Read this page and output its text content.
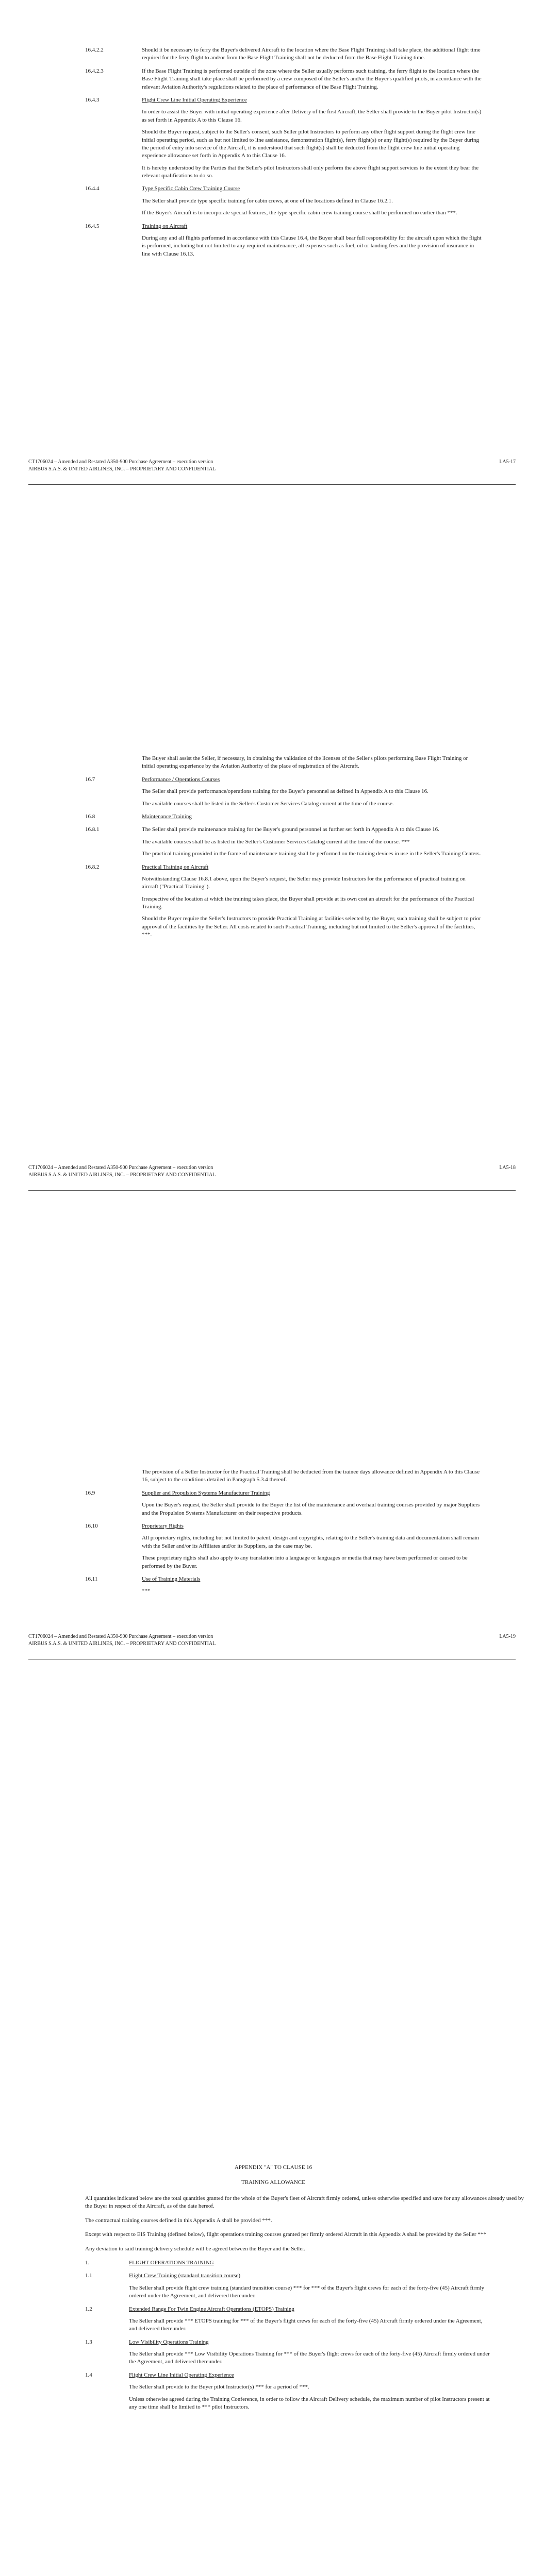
16.4.2.2	Should it be necessary to ferry the Buyer's delivered Aircraft to the location where the Base Flight Training shall take place, the additional flight time required for the ferry flight to and/or from the Base Flight Training shall not be deducted from the Base Flight Training time.

16.4.2.3	If the Base Flight Training is performed outside of the zone where the Seller usually performs such training, the ferry flight to the location where the Base Flight Training shall take place shall be performed by a crew composed of the Seller's and/or the Buyer's qualified pilots, in accordance with the relevant Aviation Authority's regulations related to the place of performance of the Base Flight Training.

16.4.3	Flight Crew Line Initial Operating Experience

In order to assist the Buyer with initial operating experience after Delivery of the first Aircraft, the Seller shall provide to the Buyer pilot Instructor(s) as set forth in Appendix A to this Clause 16.

Should the Buyer request, subject to the Seller's consent, such Seller pilot Instructors to perform any other flight support during the flight crew line initial operating period, such as but not limited to line assistance, demonstration flight(s), ferry flight(s) or any flight(s) required by the Buyer during the period of entry into service of the Aircraft, it is understood that such flight(s) shall be deducted from the flight crew line initial operating experience allowance set forth in Appendix A to this Clause 16.

It is hereby understood by the Parties that the Seller's pilot Instructors shall only perform the above flight support services to the extent they bear the relevant qualifications to do so.

16.4.4	Type Specific Cabin Crew Training Course

The Seller shall provide type specific training for cabin crews, at one of the locations defined in Clause 16.2.1.

If the Buyer's Aircraft is to incorporate special features, the type specific cabin crew training course shall be performed no earlier than ***.

16.4.5	Training on Aircraft

During any and all flights performed in accordance with this Clause 16.4, the Buyer shall bear full responsibility for the aircraft upon which the flight is performed, including but not limited to any required maintenance, all expenses such as fuel, oil or landing fees and the provision of insurance in line with Clause 16.13.

CT1706024 – Amended and Restated A350-900 Purchase Agreement – execution version
AIRBUS S.A.S. & UNITED AIRLINES, INC. – PROPRIETARY AND CONFIDENTIAL
LA5-17

The Buyer shall assist the Seller, if necessary, in obtaining the validation of the licenses of the Seller's pilots performing Base Flight Training or initial operating experience by the Aviation Authority of the place of registration of the Aircraft.

16.7	Performance / Operations Courses

The Seller shall provide performance/operations training for the Buyer's personnel as defined in Appendix A to this Clause 16.

The available courses shall be listed in the Seller's Customer Services Catalog current at the time of the course.

16.8	Maintenance Training

16.8.1	The Seller shall provide maintenance training for the Buyer's ground personnel as further set forth in Appendix A to this Clause 16.

The available courses shall be as listed in the Seller's Customer Services Catalog current at the time of the course. ***

The practical training provided in the frame of maintenance training shall be performed on the training devices in use in the Seller's Training Centers.

16.8.2	Practical Training on Aircraft

Notwithstanding Clause 16.8.1 above, upon the Buyer's request, the Seller may provide Instructors for the performance of practical training on aircraft ("Practical Training").

Irrespective of the location at which the training takes place, the Buyer shall provide at its own cost an aircraft for the performance of the Practical Training.

Should the Buyer require the Seller's Instructors to provide Practical Training at facilities selected by the Buyer, such training shall be subject to prior approval of the facilities by the Seller. All costs related to such Practical Training, including but not limited to the Seller's approval of the facilities, ***.

CT1706024 – Amended and Restated A350-900 Purchase Agreement – execution version
AIRBUS S.A.S. & UNITED AIRLINES, INC. – PROPRIETARY AND CONFIDENTIAL
LA5-18

The provision of a Seller Instructor for the Practical Training shall be deducted from the trainee days allowance defined in Appendix A to this Clause 16, subject to the conditions detailed in Paragraph 5.3.4 thereof.

16.9	Supplier and Propulsion Systems Manufacturer Training

Upon the Buyer's request, the Seller shall provide to the Buyer the list of the maintenance and overhaul training courses provided by major Suppliers and the Propulsion Systems Manufacturer on their respective products.

16.10	Proprietary Rights

All proprietary rights, including but not limited to patent, design and copyrights, relating to the Seller's training data and documentation shall remain with the Seller and/or its Affiliates and/or its Suppliers, as the case may be.

These proprietary rights shall also apply to any translation into a language or languages or media that may have been performed or caused to be performed by the Buyer.

16.11	Use of Training Materials

***

CT1706024 – Amended and Restated A350-900 Purchase Agreement – execution version
AIRBUS S.A.S. & UNITED AIRLINES, INC. – PROPRIETARY AND CONFIDENTIAL
LA5-19

APPENDIX "A" TO CLAUSE 16

TRAINING ALLOWANCE

All quantities indicated below are the total quantities granted for the whole of the Buyer's fleet of Aircraft firmly ordered, unless otherwise specified and save for any allowances already used by the Buyer in respect of the Aircraft, as of the date hereof.

The contractual training courses defined in this Appendix A shall be provided ***.

Except with respect to EIS Training (defined below), flight operations training courses granted per firmly ordered Aircraft in this Appendix A shall be provided by the Seller ***

Any deviation to said training delivery schedule will be agreed between the Buyer and the Seller.

1.	FLIGHT OPERATIONS TRAINING

1.1	Flight Crew Training (standard transition course)

The Seller shall provide flight crew training (standard transition course) *** for *** of the Buyer's flight crews for each of the forty-five (45) Aircraft firmly ordered under the Agreement, and delivered thereunder.

1.2	Extended Range For Twin Engine Aircraft Operations (ETOPS) Training

The Seller shall provide *** ETOPS training for *** of the Buyer's flight crews for each of the forty-five (45) Aircraft firmly ordered under the Agreement, and delivered thereunder.

1.3	Low Visibility Operations Training

The Seller shall provide *** Low Visibility Operations Training for *** of the Buyer's flight crews for each of the forty-five (45) Aircraft firmly ordered under the Agreement, and delivered thereunder.

1.4	Flight Crew Line Initial Operating Experience

The Seller shall provide to the Buyer pilot Instructor(s) *** for a period of ***.

Unless otherwise agreed during the Training Conference, in order to follow the Aircraft Delivery schedule, the maximum number of pilot Instructors present at any one time shall be limited to *** pilot Instructors.
